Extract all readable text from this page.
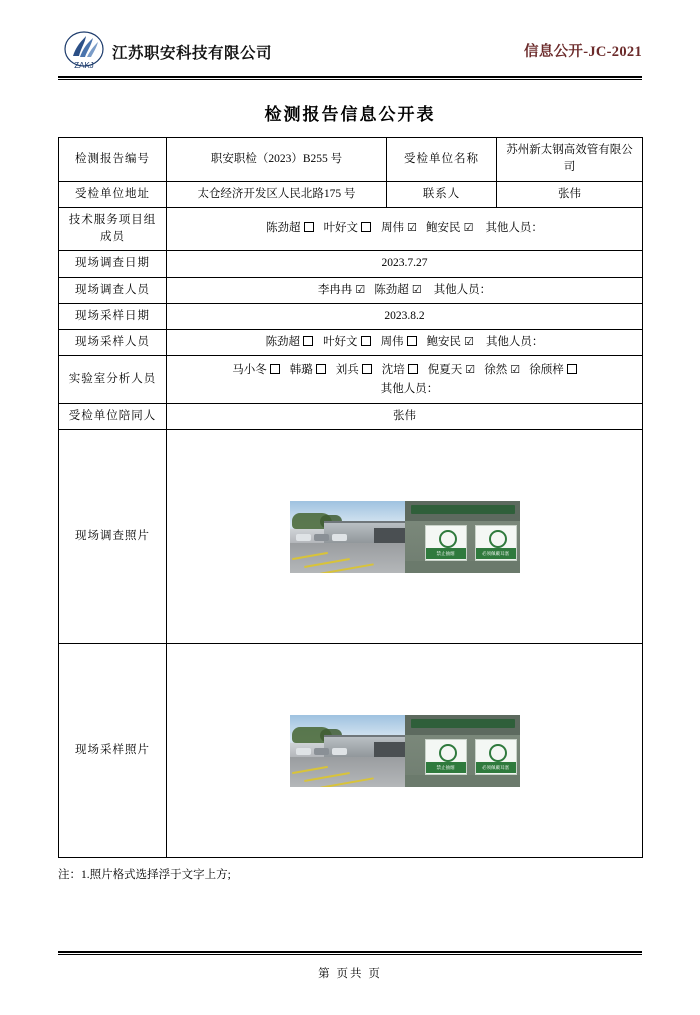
ZAKJ
江苏职安科技有限公司	信息公开-JC-2021
检测报告信息公开表
检测报告编号	职安职检（2023）B255 号	受检单位名称	苏州新太钢高效管有限公司
受检单位地址	太仓经济开发区人民北路175 号	联系人	张伟
技术服务项目组成员	陈劲超 叶好文 周伟 ☑ 鲍安民 ☑ 其他人员：		
现场调查日期	2023.7.27		
现场调查人员	李冉冉 ☑ 陈劲超 ☑ 其他人员：		
现场采样日期	2023.8.2		
现场采样人员	陈劲超 叶好文 周伟 鲍安民 ☑ 其他人员：		
实验室分析人员	马小冬 韩璐 刘兵 沈培 倪夏天 ☑ 徐然 ☑ 徐颀梓
其他人员：		

受检单位陪同人	张伟		
现场调查照片	禁止抽烟 必须佩戴耳塞		

现场采样照片	禁止抽烟 必须佩戴耳塞		
注：1.照片格式选择浮于文字上方;
第 页共 页
